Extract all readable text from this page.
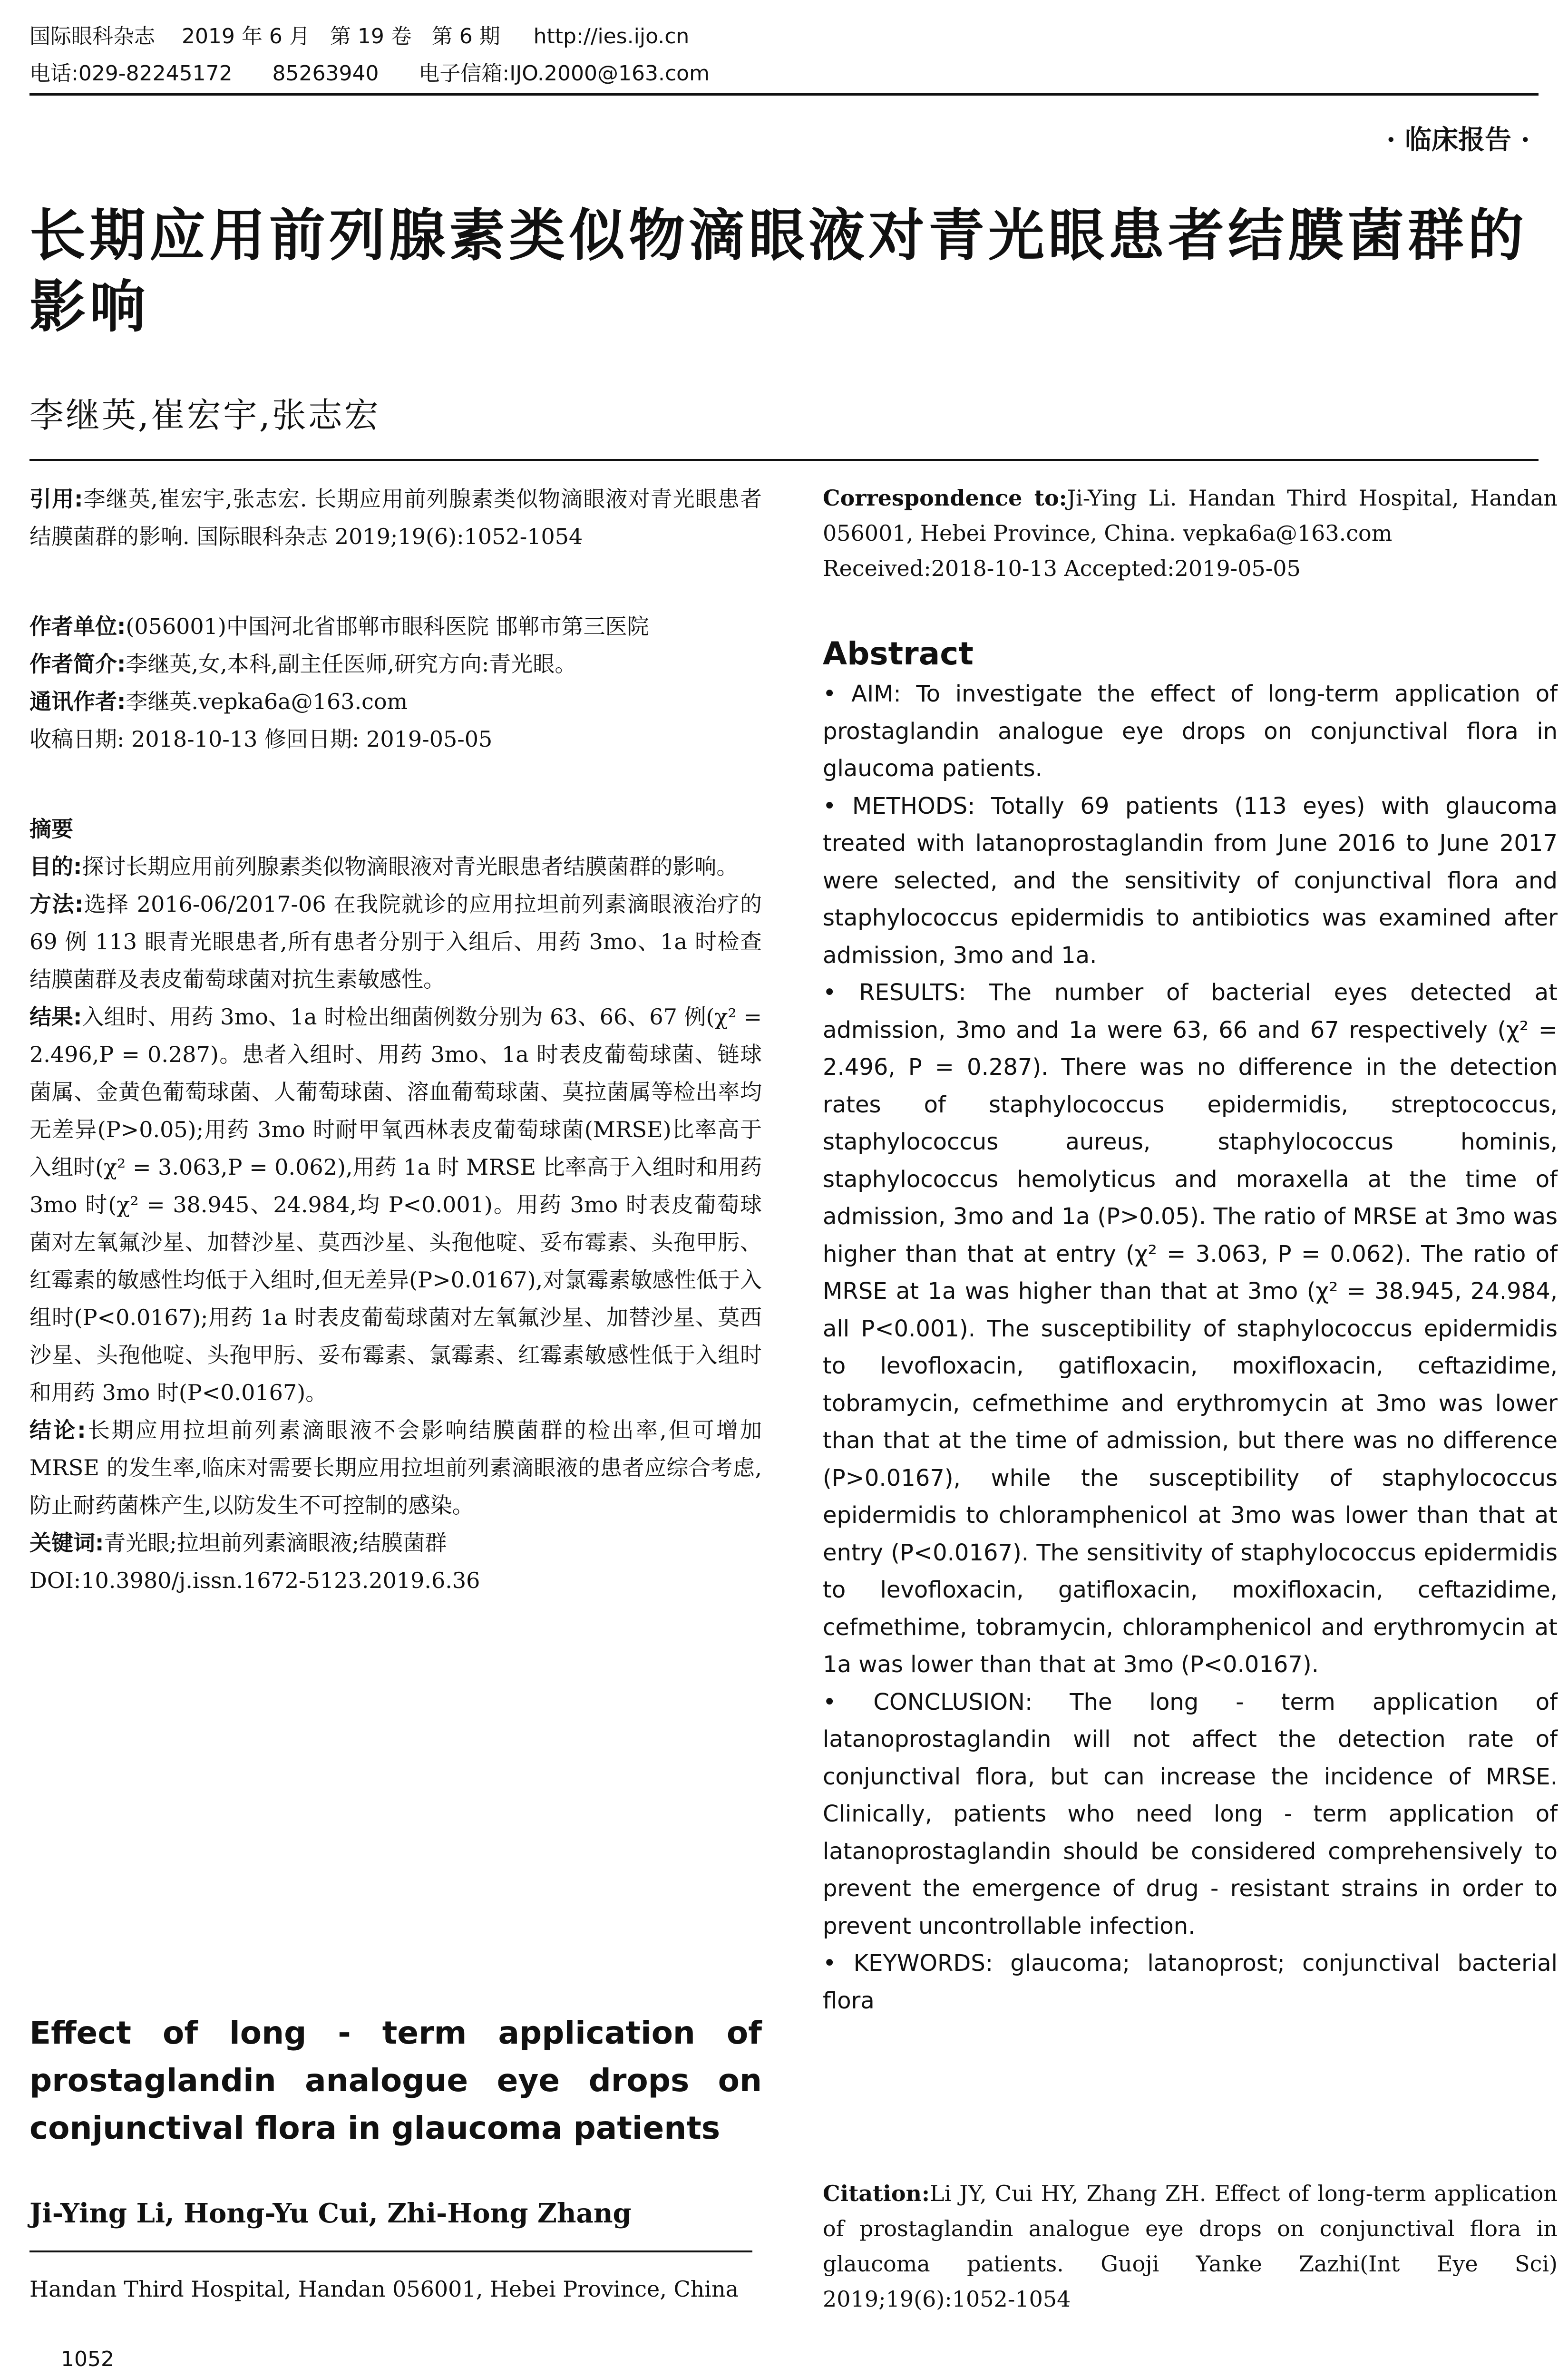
国际眼科杂志    2019 年 6 月   第 19 卷   第 6 期     http://ies.ijo.cn
电话:029-82245172      85263940      电子信箱:IJO.2000@163.com
· 临床报告 ·
长期应用前列腺素类似物滴眼液对青光眼患者结膜菌群的影响
李继英,崔宏宇,张志宏

引用:李继英,崔宏宇,张志宏. 长期应用前列腺素类似物滴眼液对青光眼患者结膜菌群的影响. 国际眼科杂志 2019;19(6):1052-1054

作者单位:(056001)中国河北省邯郸市眼科医院 邯郸市第三医院

作者简介:李继英,女,本科,副主任医师,研究方向:青光眼。

通讯作者:李继英.vepka6a@163.com

收稿日期: 2018-10-13 修回日期: 2019-05-05

摘要

目的:探讨长期应用前列腺素类似物滴眼液对青光眼患者结膜菌群的影响。

方法:选择 2016-06/2017-06 在我院就诊的应用拉坦前列素滴眼液治疗的 69 例 113 眼青光眼患者,所有患者分别于入组后、用药 3mo、1a 时检查结膜菌群及表皮葡萄球菌对抗生素敏感性。

结果:入组时、用药 3mo、1a 时检出细菌例数分别为 63、66、67 例(χ² = 2.496,P = 0.287)。患者入组时、用药 3mo、1a 时表皮葡萄球菌、链球菌属、金黄色葡萄球菌、人葡萄球菌、溶血葡萄球菌、莫拉菌属等检出率均无差异(P>0.05);用药 3mo 时耐甲氧西林表皮葡萄球菌(MRSE)比率高于入组时(χ² = 3.063,P = 0.062),用药 1a 时 MRSE 比率高于入组时和用药 3mo 时(χ² = 38.945、24.984,均 P<0.001)。用药 3mo 时表皮葡萄球菌对左氧氟沙星、加替沙星、莫西沙星、头孢他啶、妥布霉素、头孢甲肟、红霉素的敏感性均低于入组时,但无差异(P>0.0167),对氯霉素敏感性低于入组时(P<0.0167);用药 1a 时表皮葡萄球菌对左氧氟沙星、加替沙星、莫西沙星、头孢他啶、头孢甲肟、妥布霉素、氯霉素、红霉素敏感性低于入组时和用药 3mo 时(P<0.0167)。

结论:长期应用拉坦前列素滴眼液不会影响结膜菌群的检出率,但可增加 MRSE 的发生率,临床对需要长期应用拉坦前列素滴眼液的患者应综合考虑,防止耐药菌株产生,以防发生不可控制的感染。

关键词:青光眼;拉坦前列素滴眼液;结膜菌群

DOI:10.3980/j.issn.1672-5123.2019.6.36

Effect of long - term application of prostaglandin analogue eye drops on conjunctival flora in glaucoma patients

Ji-Ying Li, Hong-Yu Cui, Zhi-Hong Zhang

Handan Third Hospital, Handan 056001, Hebei Province, China

Correspondence to:Ji-Ying Li. Handan Third Hospital, Handan 056001, Hebei Province, China. vepka6a@163.com

Received:2018-10-13 Accepted:2019-05-05

Abstract

• AIM: To investigate the effect of long-term application of prostaglandin analogue eye drops on conjunctival flora in glaucoma patients.

• METHODS: Totally 69 patients (113 eyes) with glaucoma treated with latanoprostaglandin from June 2016 to June 2017 were selected, and the sensitivity of conjunctival flora and staphylococcus epidermidis to antibiotics was examined after admission, 3mo and 1a.

• RESULTS: The number of bacterial eyes detected at admission, 3mo and 1a were 63, 66 and 67 respectively (χ² = 2.496, P = 0.287). There was no difference in the detection rates of staphylococcus epidermidis, streptococcus, staphylococcus aureus, staphylococcus hominis, staphylococcus hemolyticus and moraxella at the time of admission, 3mo and 1a (P>0.05). The ratio of MRSE at 3mo was higher than that at entry (χ² = 3.063, P = 0.062). The ratio of MRSE at 1a was higher than that at 3mo (χ² = 38.945, 24.984, all P<0.001). The susceptibility of staphylococcus epidermidis to levofloxacin, gatifloxacin, moxifloxacin, ceftazidime, tobramycin, cefmethime and erythromycin at 3mo was lower than that at the time of admission, but there was no difference (P>0.0167), while the susceptibility of staphylococcus epidermidis to chloramphenicol at 3mo was lower than that at entry (P<0.0167). The sensitivity of staphylococcus epidermidis to levofloxacin, gatifloxacin, moxifloxacin, ceftazidime, cefmethime, tobramycin, chloramphenicol and erythromycin at 1a was lower than that at 3mo (P<0.0167).

• CONCLUSION: The long - term application of latanoprostaglandin will not affect the detection rate of conjunctival flora, but can increase the incidence of MRSE. Clinically, patients who need long - term application of latanoprostaglandin should be considered comprehensively to prevent the emergence of drug - resistant strains in order to prevent uncontrollable infection.

• KEYWORDS: glaucoma; latanoprost; conjunctival bacterial flora

Citation:Li JY, Cui HY, Zhang ZH. Effect of long-term application of prostaglandin analogue eye drops on conjunctival flora in glaucoma patients. Guoji Yanke Zazhi(Int Eye Sci) 2019;19(6):1052-1054

1052
